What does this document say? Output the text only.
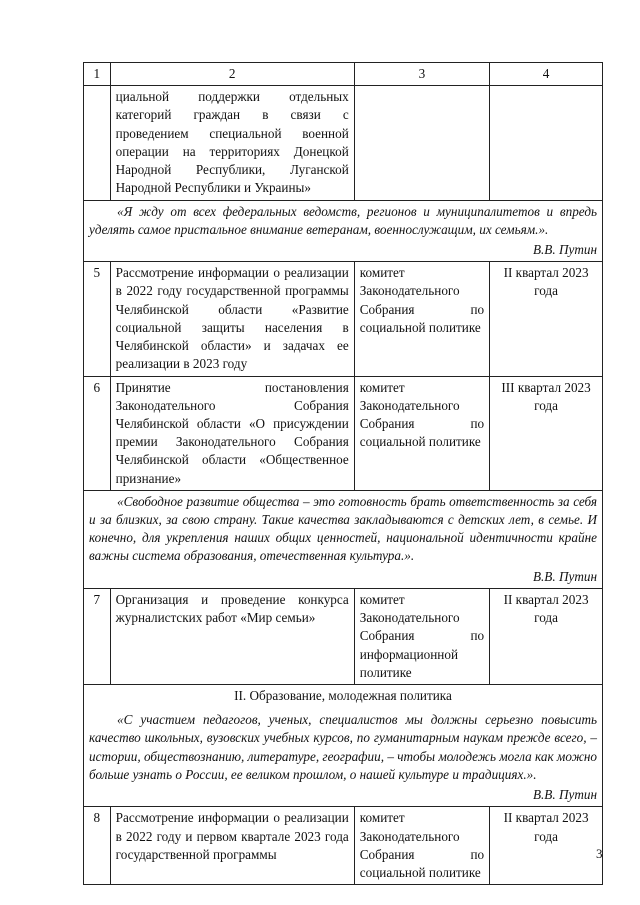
1	2	3	4
	циальной поддержки отдельных категорий граждан в связи с проведением специальной военной операции на территориях Донецкой Народной Республики, Луганской Народной Республики и Украины»		

«Я жду от всех федеральных ведомств, регионов и муниципалитетов и впредь уделять самое пристальное внимание ветеранам, военнослужащим, их семьям.».

В.В. Путин			

5	Рассмотрение информации о реализации в 2022 году государственной программы Челябинской области «Развитие социальной защиты населения в Челябинской области» и задачах ее реализации в 2023 году	комитет Законодательного Собрания по социальной политике	II квартал 2023 года
6	Принятие постановления Законодательного Собрания Челябинской области «О присуждении премии Законодательного Собрания Челябинской области «Общественное признание»	комитет Законодательного Собрания по социальной политике	III квартал 2023 года

«Свободное развитие общества – это готовность брать ответственность за себя и за близких, за свою страну. Такие качества закладываются с детских лет, в семье. И конечно, для укрепления наших общих ценностей, национальной идентичности крайне важны система образования, отечественная культура.».

В.В. Путин			

7	Организация и проведение конкурса журналистских работ «Мир семьи»	комитет Законодательного Собрания по информационной политике	II квартал 2023 года

II. Образование, молодежная политика

«С участием педагогов, ученых, специалистов мы должны серьезно повысить качество школьных, вузовских учебных курсов, по гуманитарным наукам прежде всего, – истории, обществознанию, литературе, географии, – чтобы молодежь могла как можно больше узнать о России, ее великом прошлом, о нашей культуре и традициях.».

В.В. Путин			

8	Рассмотрение информации о реализации в 2022 году и первом квартале 2023 года государственной программы	комитет Законодательного Собрания по социальной политике	II квартал 2023 года
3
